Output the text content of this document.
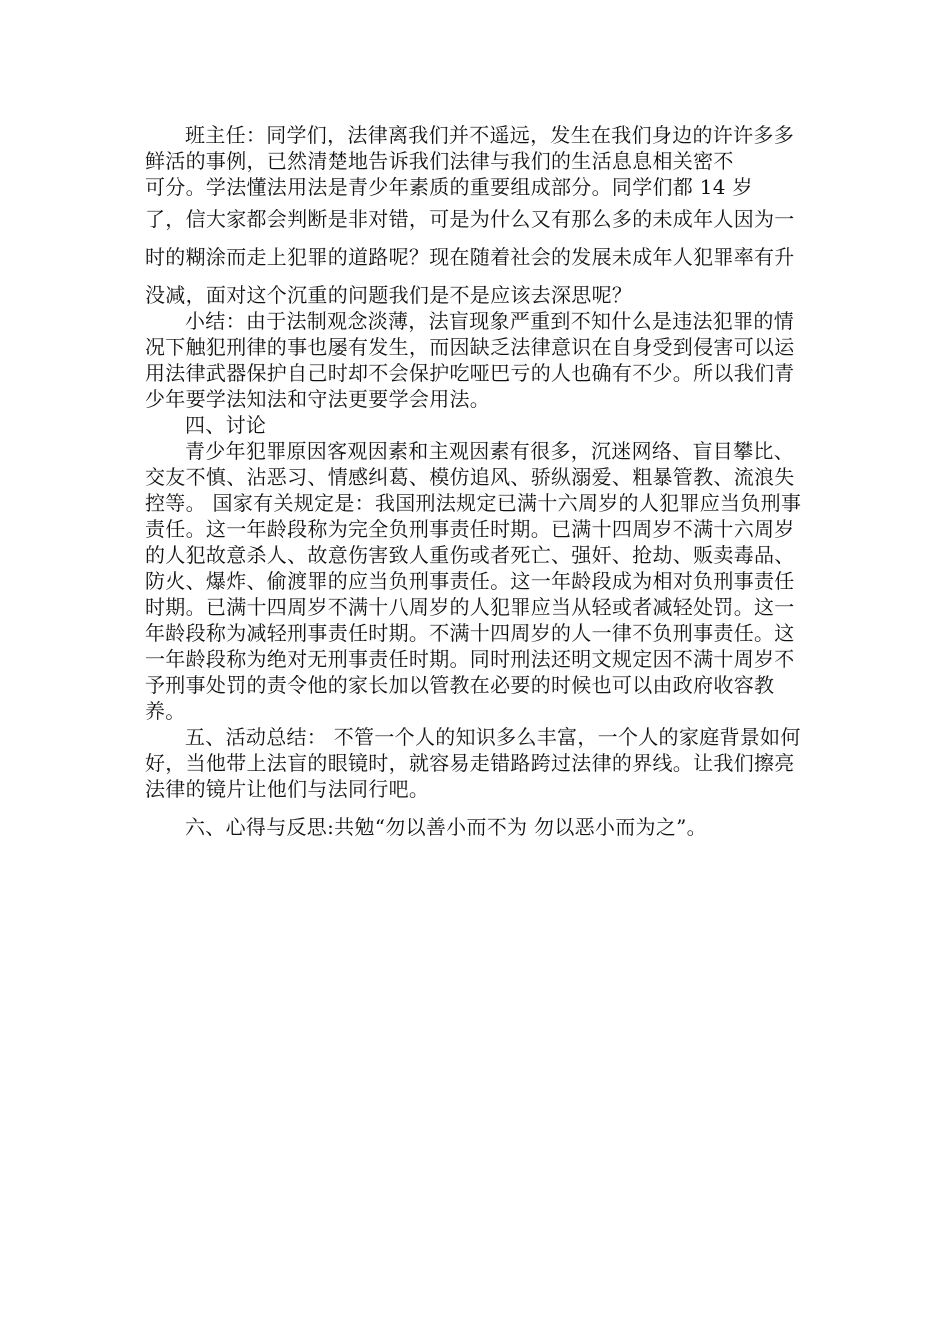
班主任：同学们，法律离我们并不遥远，发生在我们身边的许许多多鲜活的事例，已然清楚地告诉我们法律与我们的生活息息相关密不

可分。学法懂法用法是青少年素质的重要组成部分。同学们都 14 岁

了，信大家都会判断是非对错，可是为什么又有那么多的未成年人因为一时的糊涂而走上犯罪的道路呢？现在随着社会的发展未成年人犯罪率有升没减，面对这个沉重的问题我们是不是应该去深思呢？

小结：由于法制观念淡薄，法盲现象严重到不知什么是违法犯罪的情况下触犯刑律的事也屡有发生，而因缺乏法律意识在自身受到侵害可以运用法律武器保护自己时却不会保护吃哑巴亏的人也确有不少。所以我们青少年要学法知法和守法更要学会用法。

四、讨论

青少年犯罪原因客观因素和主观因素有很多，沉迷网络、盲目攀比、交友不慎、沾恶习、情感纠葛、模仿追风、骄纵溺爱、粗暴管教、流浪失控等。 国家有关规定是：我国刑法规定已满十六周岁的人犯罪应当负刑事责任。这一年龄段称为完全负刑事责任时期。已满十四周岁不满十六周岁的人犯故意杀人、故意伤害致人重伤或者死亡、强奸、抢劫、贩卖毒品、防火、爆炸、偷渡罪的应当负刑事责任。这一年龄段成为相对负刑事责任时期。已满十四周岁不满十八周岁的人犯罪应当从轻或者减轻处罚。这一年龄段称为减轻刑事责任时期。不满十四周岁的人一律不负刑事责任。这一年龄段称为绝对无刑事责任时期。同时刑法还明文规定因不满十周岁不予刑事处罚的责令他的家长加以管教在必要的时候也可以由政府收容教养。

五、活动总结： 不管一个人的知识多么丰富，一个人的家庭背景如何好，当他带上法盲的眼镜时，就容易走错路跨过法律的界线。让我们擦亮法律的镜片让他们与法同行吧。

六、心得与反思:共勉“勿以善小而不为 勿以恶小而为之”。
